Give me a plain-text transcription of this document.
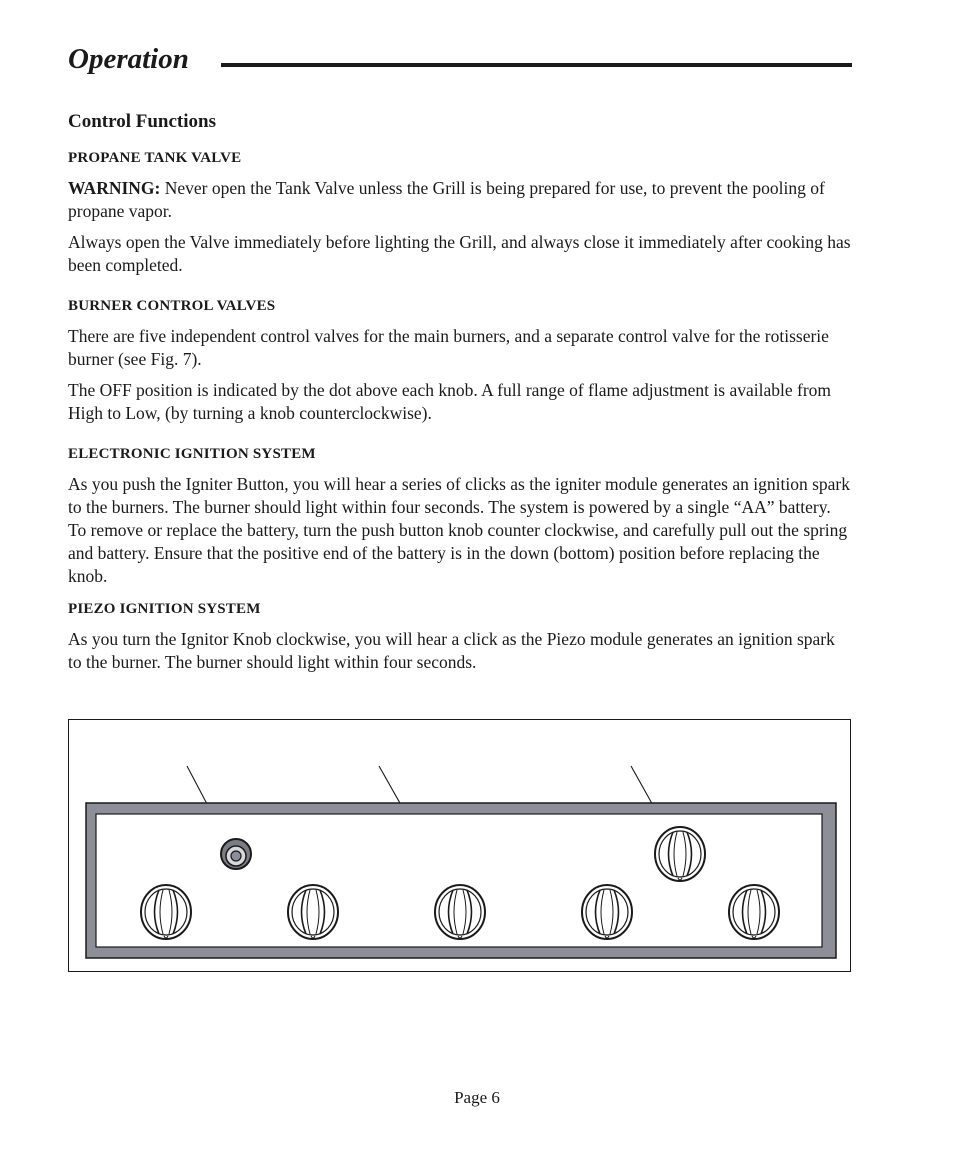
Operation
Control Functions
PROPANE TANK VALVE

WARNING: Never open the Tank Valve unless the Grill is being prepared for use, to prevent the pooling of propane vapor.

Always open the Valve immediately before lighting the Grill, and always close it immediately after cooking has been completed.

BURNER CONTROL VALVES

There are five independent control valves for the main burners, and a separate control valve for the rotisserie burner (see Fig. 7).

The OFF position is indicated by the dot above each knob. A full range of flame adjustment is available from High to Low, (by turning a knob counterclockwise).

ELECTRONIC IGNITION SYSTEM

As you push the Igniter Button, you will hear a series of clicks as the igniter module generates an ignition spark to the burners. The burner should light within four seconds. The system is powered by a single “AA” battery. To remove or replace the battery, turn the push button knob counter clockwise, and carefully pull out the spring and battery. Ensure that the positive end of the battery is in the down (bottom) position before replacing the knob.

PIEZO IGNITION SYSTEM

As you turn the Ignitor Knob clockwise, you will hear a click as the Piezo module generates an ignition spark to the burner. The burner should light within four seconds.

Page 6
